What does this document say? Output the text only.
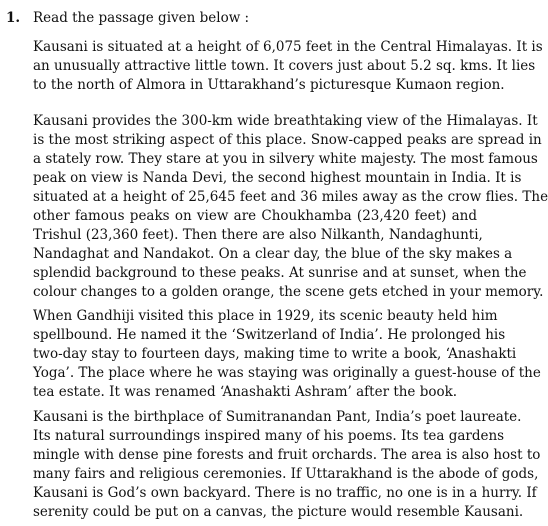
1. Read the passage given below :
Kausani is situated at a height of 6,075 feet in the Central Himalayas. It is
an unusually attractive little town. It covers just about 5.2 sq. kms. It lies
to the north of Almora in Uttarakhand’s picturesque Kumaon region.
Kausani provides the 300-km wide breathtaking view of the Himalayas. It
is the most striking aspect of this place. Snow-capped peaks are spread in
a stately row. They stare at you in silvery white majesty. The most famous
peak on view is Nanda Devi, the second highest mountain in India. It is
situated at a height of 25,645 feet and 36 miles away as the crow flies. The
other famous peaks on view are Choukhamba (23,420 feet) and
Trishul (23,360 feet). Then there are also Nilkanth, Nandaghunti,
Nandaghat and Nandakot. On a clear day, the blue of the sky makes a
splendid background to these peaks. At sunrise and at sunset, when the
colour changes to a golden orange, the scene gets etched in your memory.
When Gandhiji visited this place in 1929, its scenic beauty held him
spellbound. He named it the ‘Switzerland of India’. He prolonged his
two-day stay to fourteen days, making time to write a book, ‘Anashakti
Yoga’. The place where he was staying was originally a guest-house of the
tea estate. It was renamed ‘Anashakti Ashram’ after the book.
Kausani is the birthplace of Sumitranandan Pant, India’s poet laureate.
Its natural surroundings inspired many of his poems. Its tea gardens
mingle with dense pine forests and fruit orchards. The area is also host to
many fairs and religious ceremonies. If Uttarakhand is the abode of gods,
Kausani is God’s own backyard. There is no traffic, no one is in a hurry. If
serenity could be put on a canvas, the picture would resemble Kausani.
